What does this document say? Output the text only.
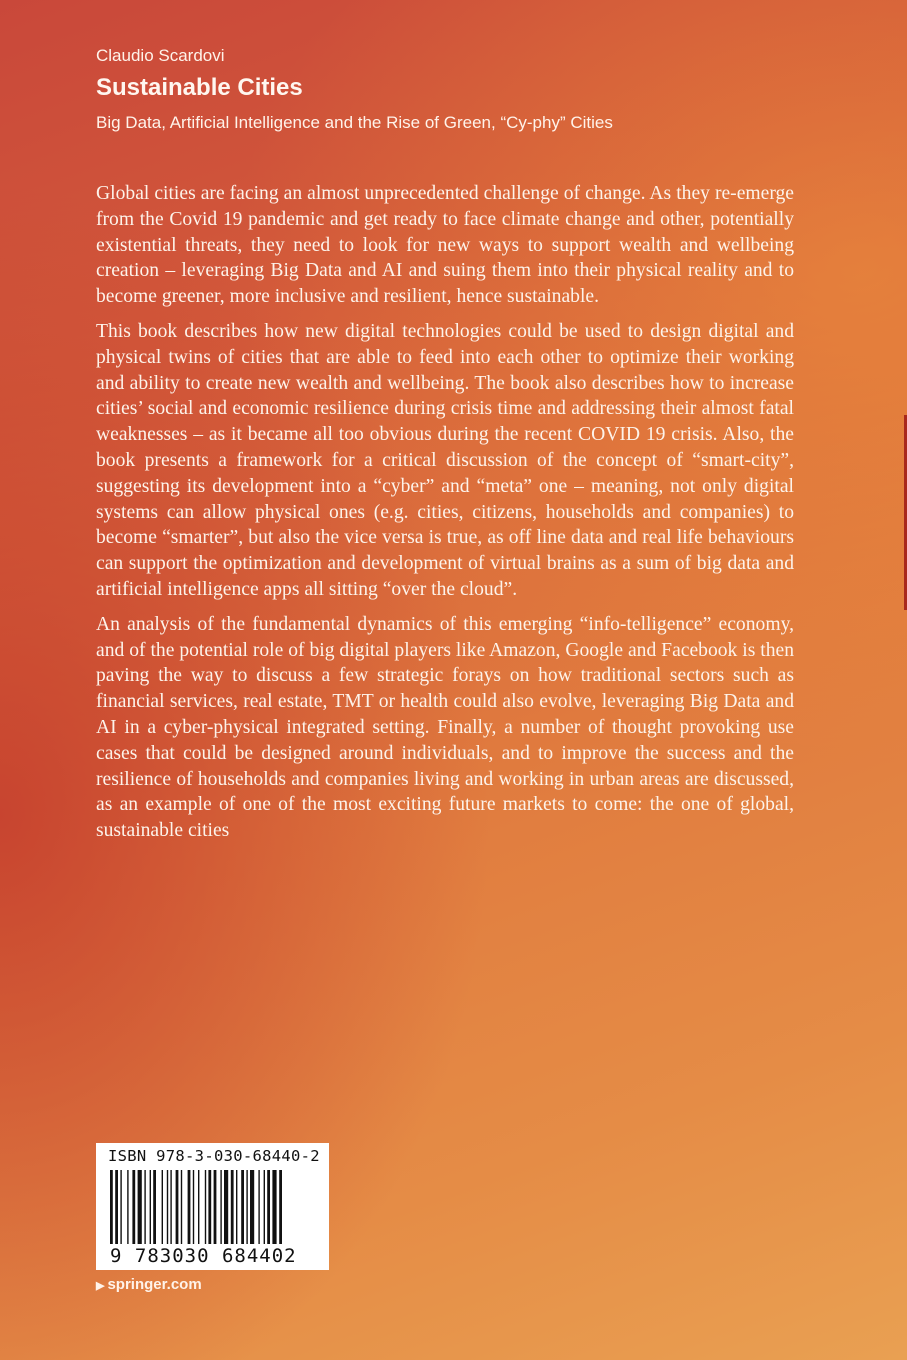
Claudio Scardovi
Sustainable Cities
Big Data, Artificial Intelligence and the Rise of Green, “Cy-phy” Cities

Global cities are facing an almost unprecedented challenge of change. As they re-emerge from the Covid 19 pandemic and get ready to face climate change and other, potentially existential threats, they need to look for new ways to support wealth and wellbeing creation – leveraging Big Data and AI and suing them into their physical reality and to become greener, more inclusive and resilient, hence sustainable.

This book describes how new digital technologies could be used to design digital and physical twins of cities that are able to feed into each other to optimize their working and ability to create new wealth and wellbeing. The book also describes how to increase cities’ social and economic resilience during crisis time and addressing their almost fatal weaknesses – as it became all too obvious during the recent COVID 19 crisis. Also, the book presents a framework for a critical discussion of the concept of “smart-city”, suggesting its development into a “cyber” and “meta” one – meaning, not only digital systems can allow physical ones (e.g. cities, citizens, households and companies) to become “smarter”, but also the vice versa is true, as off line data and real life behaviours can support the optimization and development of virtual brains as a sum of big data and artificial intelligence apps all sitting “over the cloud”.

An analysis of the fundamental dynamics of this emerging “info-telligence” economy, and of the potential role of big digital players like Amazon, Google and Facebook is then paving the way to discuss a few strategic forays on how traditional sectors such as financial services, real estate, TMT or health could also evolve, leveraging Big Data and AI in a cyber-physical integrated setting. Finally, a number of thought provoking use cases that could be designed around individuals, and to improve the success and the resilience of households and companies living and working in urban areas are discussed, as an example of one of the most exciting future markets to come: the one of global, sustainable cities

ISBN 978-3-030-68440-2
9 783030 684402
▶ springer.com
